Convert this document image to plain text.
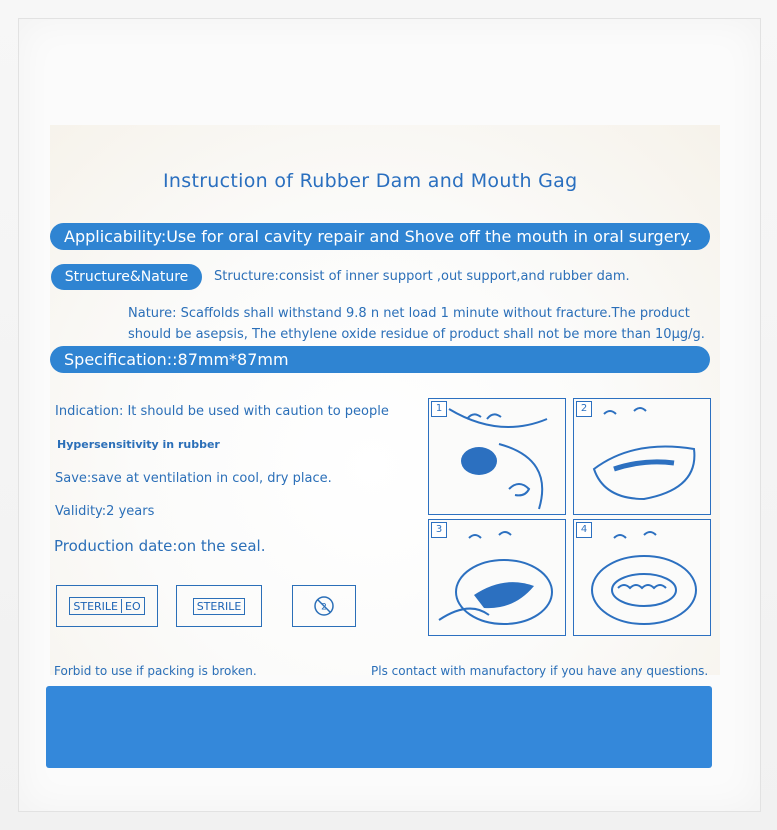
Instruction of Rubber Dam and Mouth Gag
Applicability:Use for oral cavity repair and Shove off the mouth in oral surgery.
Structure&Nature	Structure:consist of inner support ,out support,and rubber dam.
Nature: Scaffolds shall withstand 9.8 n net load 1 minute without fracture.The product should be asepsis, The ethylene oxide residue of product shall not be more than 10μg/g.
Specification::87mm*87mm
Indication: It should be used with caution to people
Hypersensitivity in rubber
Save:save at ventilation in cool, dry place.
Validity:2 years
Production date:on the seal.
STERILE EO	STERILE	2
1	2
3	4
Forbid to use if packing is broken.	Pls contact with manufactory if you have any questions.
